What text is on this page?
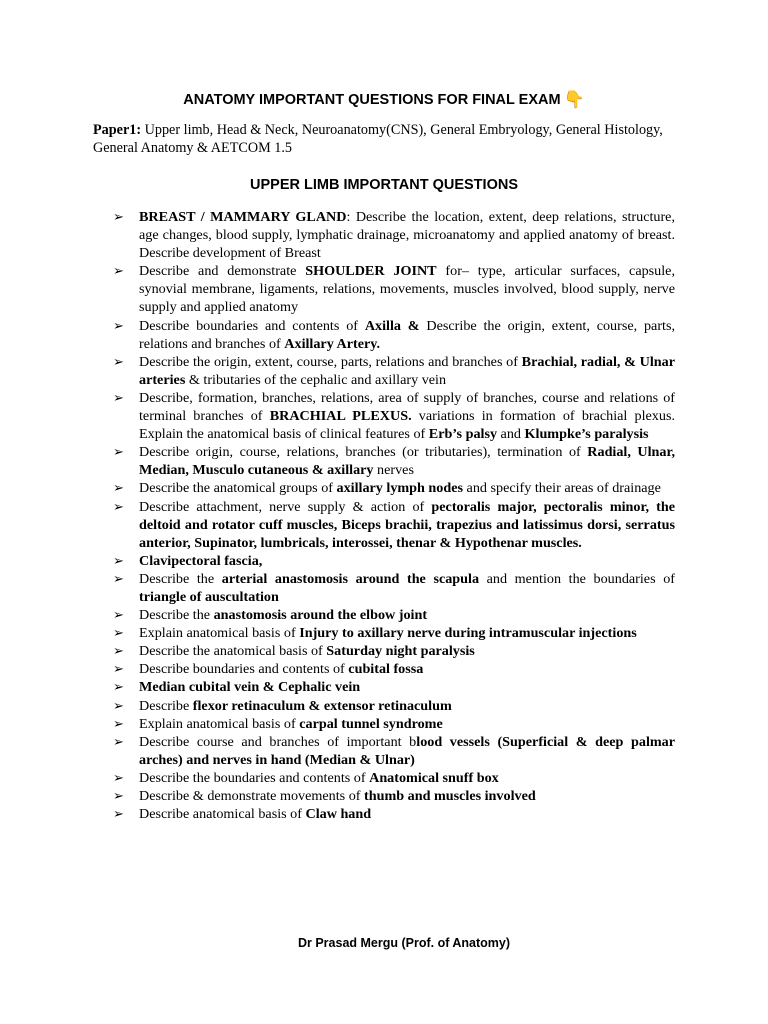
ANATOMY IMPORTANT QUESTIONS FOR FINAL EXAM 👇
Paper1: Upper limb, Head & Neck, Neuroanatomy(CNS), General Embryology, General Histology, General Anatomy & AETCOM 1.5
UPPER LIMB IMPORTANT QUESTIONS
➢ BREAST / MAMMARY GLAND: Describe the location, extent, deep relations, structure, age changes, blood supply, lymphatic drainage, microanatomy and applied anatomy of breast. Describe development of Breast
➢ Describe and demonstrate SHOULDER JOINT for– type, articular surfaces, capsule, synovial membrane, ligaments, relations, movements, muscles involved, blood supply, nerve supply and applied anatomy
➢ Describe boundaries and contents of Axilla & Describe the origin, extent, course, parts, relations and branches of Axillary Artery.
➢ Describe the origin, extent, course, parts, relations and branches of Brachial, radial, & Ulnar arteries & tributaries of the cephalic and axillary vein
➢ Describe, formation, branches, relations, area of supply of branches, course and relations of terminal branches of BRACHIAL PLEXUS. variations in formation of brachial plexus. Explain the anatomical basis of clinical features of Erb’s palsy and Klumpke’s paralysis
➢ Describe origin, course, relations, branches (or tributaries), termination of Radial, Ulnar, Median, Musculo cutaneous & axillary nerves
➢ Describe the anatomical groups of axillary lymph nodes and specify their areas of drainage
➢ Describe attachment, nerve supply & action of pectoralis major, pectoralis minor, the deltoid and rotator cuff muscles, Biceps brachii, trapezius and latissimus dorsi, serratus anterior, Supinator, lumbricals, interossei, thenar & Hypothenar muscles.
➢ Clavipectoral fascia,
➢ Describe the arterial anastomosis around the scapula and mention the boundaries of triangle of auscultation
➢ Describe the anastomosis around the elbow joint
➢ Explain anatomical basis of Injury to axillary nerve during intramuscular injections
➢ Describe the anatomical basis of Saturday night paralysis
➢ Describe boundaries and contents of cubital fossa
➢ Median cubital vein & Cephalic vein
➢ Describe flexor retinaculum & extensor retinaculum
➢ Explain anatomical basis of carpal tunnel syndrome
➢ Describe course and branches of important blood vessels (Superficial & deep palmar arches) and nerves in hand (Median & Ulnar)
➢ Describe the boundaries and contents of Anatomical snuff box
➢ Describe & demonstrate movements of thumb and muscles involved
➢ Describe anatomical basis of Claw hand
Dr Prasad Mergu (Prof. of Anatomy)
